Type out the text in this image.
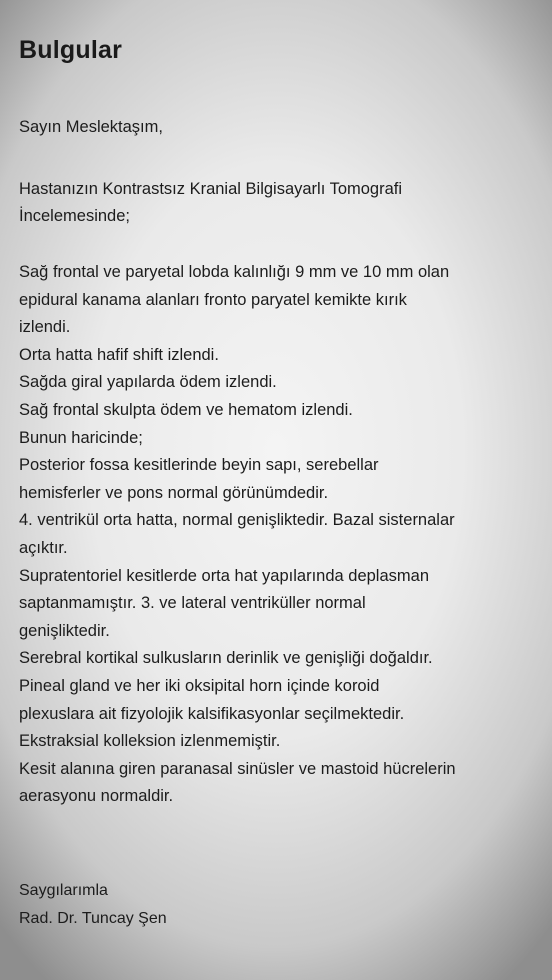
Bulgular
Sayın Meslektaşım,
Hastanızın Kontrastsız Kranial Bilgisayarlı Tomografi
İncelemesinde;
Sağ frontal ve paryetal lobda kalınlığı 9 mm ve 10 mm olan
epidural kanama alanları fronto paryatel kemikte kırık
izlendi.
Orta hatta hafif shift izlendi.
Sağda giral yapılarda ödem izlendi.
Sağ frontal skulpta ödem ve hematom izlendi.
Bunun haricinde;
Posterior fossa kesitlerinde beyin sapı, serebellar
hemisferler ve pons normal görünümdedir.
4. ventrikül orta hatta, normal genişliktedir. Bazal sisternalar
açıktır.
Supratentoriel kesitlerde orta hat yapılarında deplasman
saptanmamıştır. 3. ve lateral ventriküller normal
genişliktedir.
Serebral kortikal sulkusların derinlik ve genişliği doğaldır.
Pineal gland ve her iki oksipital horn içinde koroid
plexuslara ait fizyolojik kalsifikasyonlar seçilmektedir.
Ekstraksial kolleksion izlenmemiştir.
Kesit alanına giren paranasal sinüsler ve mastoid hücrelerin
aerasyonu normaldir.
Saygılarımla
Rad. Dr. Tuncay Şen
